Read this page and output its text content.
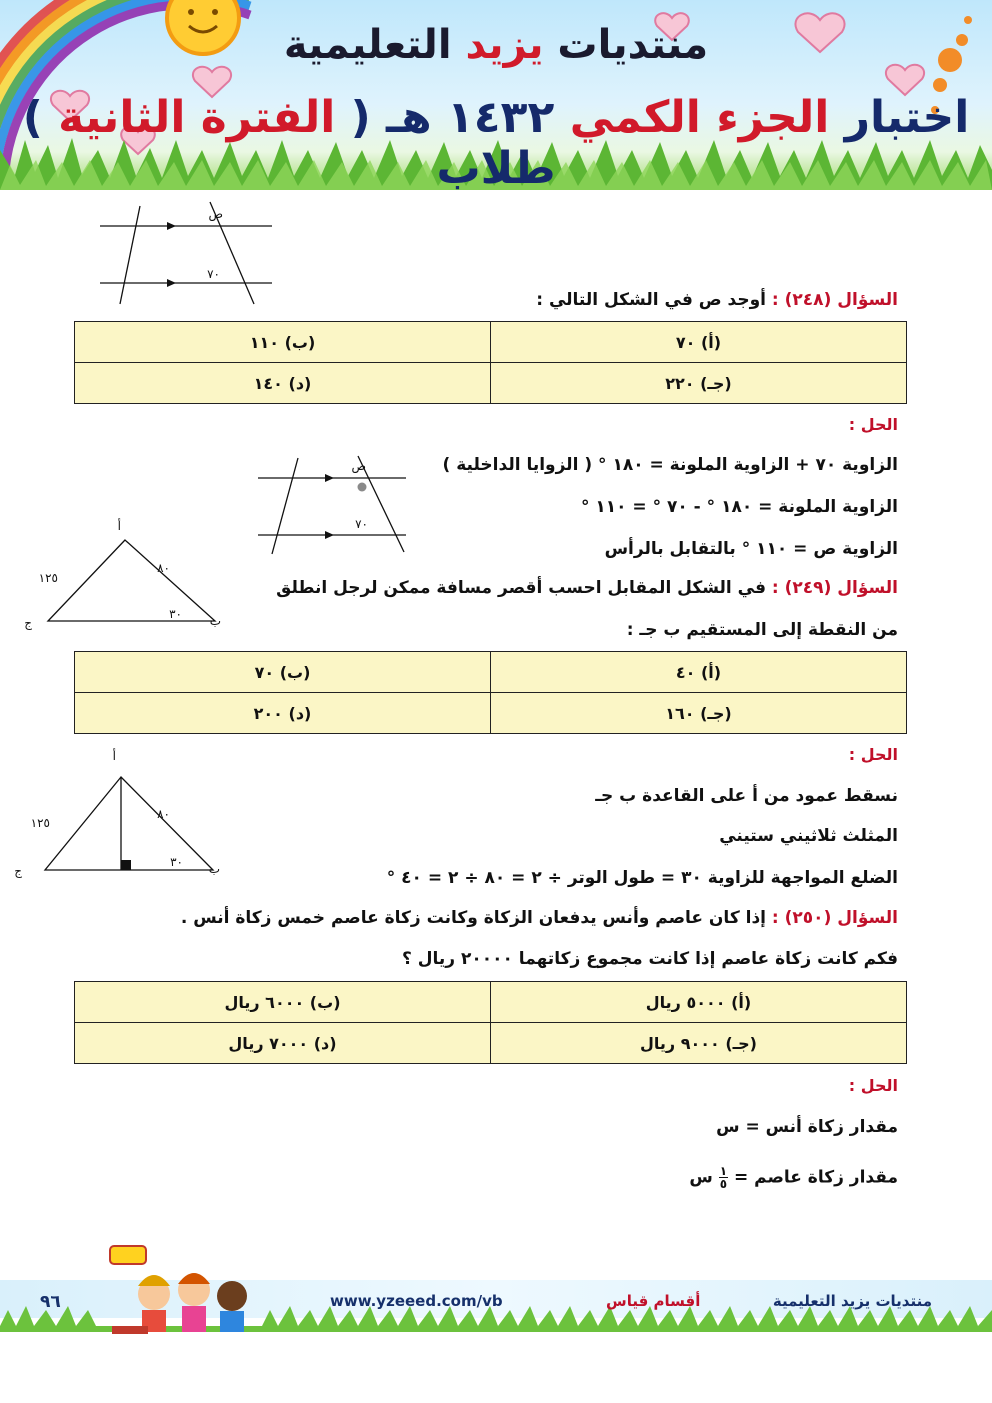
منتديات يزيد التعليمية
اختبار الجزء الكمي ١٤٣٢ هـ ( الفترة الثانية ) طلاب
ص
٧٠
السؤال (٢٤٨) : أوجد ص في الشكل التالي :
(أ) ٧٠	(ب) ١١٠
(جـ) ٢٢٠	(د) ١٤٠
الحل :
الزاوية ٧٠ + الزاوية الملونة = ١٨٠ ° ( الزوايا الداخلية )
الزاوية الملونة = ١٨٠ ° - ٧٠ ° = ١١٠ °
الزاوية ص = ١١٠ ° بالتقابل بالرأس
ص
٧٠
أ
ب
ج
١٢٥
٨٠
٣٠
السؤال (٢٤٩) : في الشكل المقابل احسب أقصر مسافة ممكن لرجل انطلق
من النقطة إلى المستقيم ب جـ :
(أ) ٤٠	(ب) ٧٠
(جـ) ١٦٠	(د) ٢٠٠
الحل :
نسقط عمود من أ على القاعدة ب جـ
المثلث ثلاثيني ستيني
الضلع المواجهة للزاوية ٣٠ = طول الوتر ÷ ٢ = ٨٠ ÷ ٢ = ٤٠ °
أ
ب
ج
١٢٥
٨٠
٣٠
السؤال (٢٥٠) : إذا كان عاصم وأنس يدفعان الزكاة وكانت زكاة عاصم خمس زكاة أنس .
فكم كانت زكاة عاصم إذا كانت مجموع زكاتهما ٢٠٠٠٠ ريال ؟
(أ) ٥٠٠٠ ريال	(ب) ٦٠٠٠ ريال
(جـ) ٩٠٠٠ ريال	(د) ٧٠٠٠ ريال
الحل :
مقدار زكاة أنس = س
مقدار زكاة عاصم =
١
٥
س
منتديات يزيد التعليمية
أقسام قياس
www.yzeeed.com/vb
٩٦
